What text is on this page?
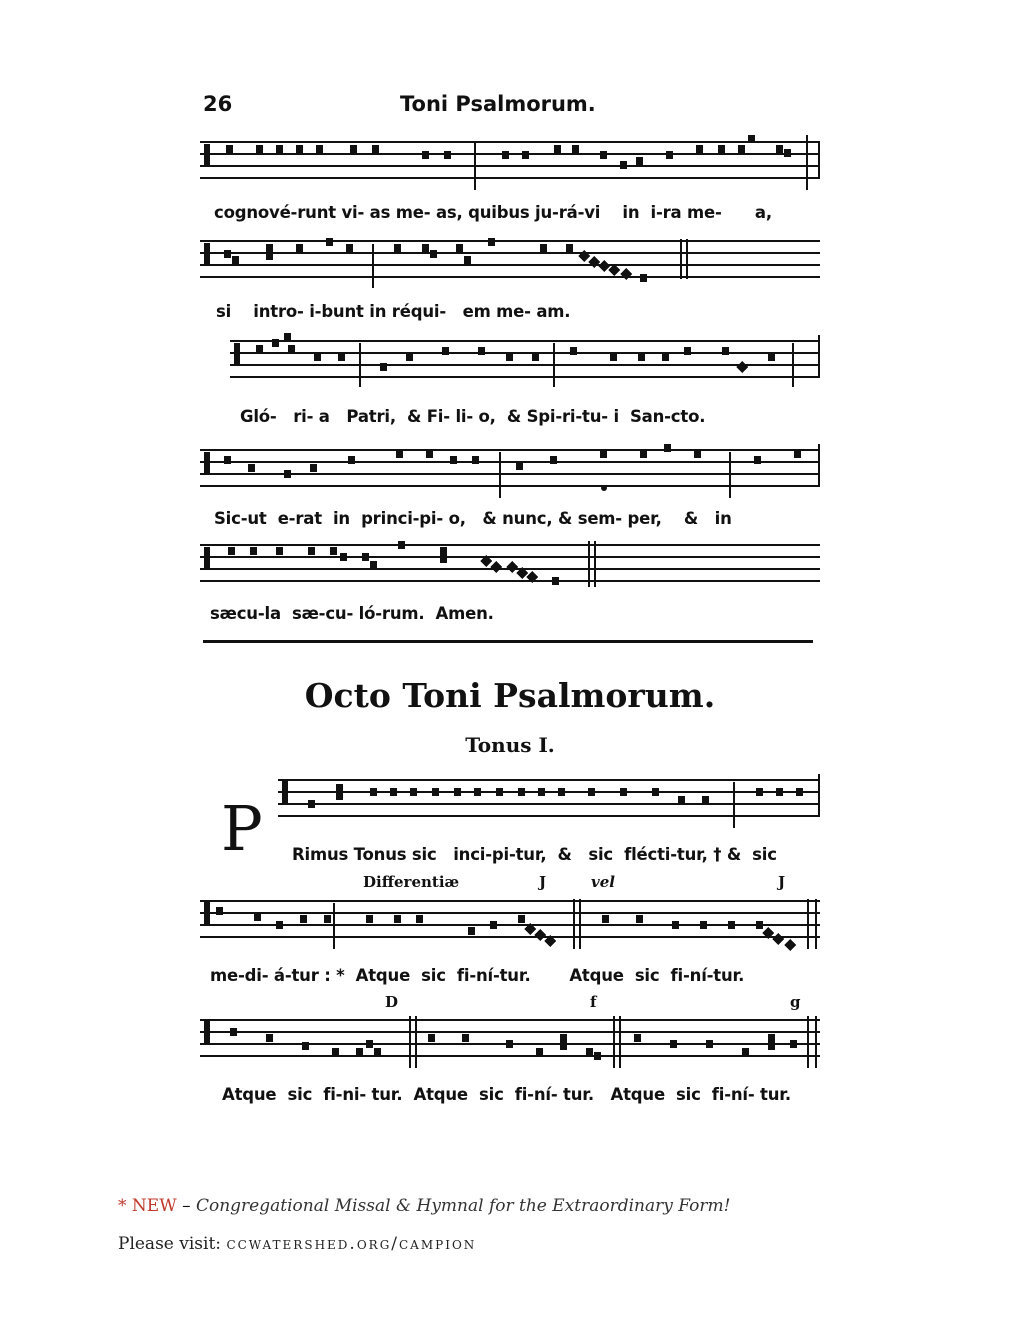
26	Toni Psalmorum.
cognové-runt vi- as me- as, quibus ju-rá-vi    in  i-ra me-      a,
si    intro- i-bunt in réqui-   em me- am.
Gló-   ri- a   Patri,  & Fi- li- o,  & Spi-ri-tu- i  San-cto.
Sic-ut  e-rat  in  princi-pi- o,   & nunc, & sem- per,    &   in
sæcu-la  sæ-cu- ló-rum.  Amen.
Octo Toni Psalmorum.
Tonus I.
P Rimus Tonus sic   inci-pi-tur,  &   sic  flécti-tur, † &  sic
Differentiæ	J	vel	J
me-di- á-tur : *  Atque  sic  fi-ní-tur.       Atque  sic  fi-ní-tur.
D	f	g
Atque  sic  fi-ni- tur.  Atque  sic  fi-ní- tur.   Atque  sic  fi-ní- tur.
* NEW – Congregational Missal & Hymnal for the Extraordinary Form!
Please visit: ccwatershed.org/campion
